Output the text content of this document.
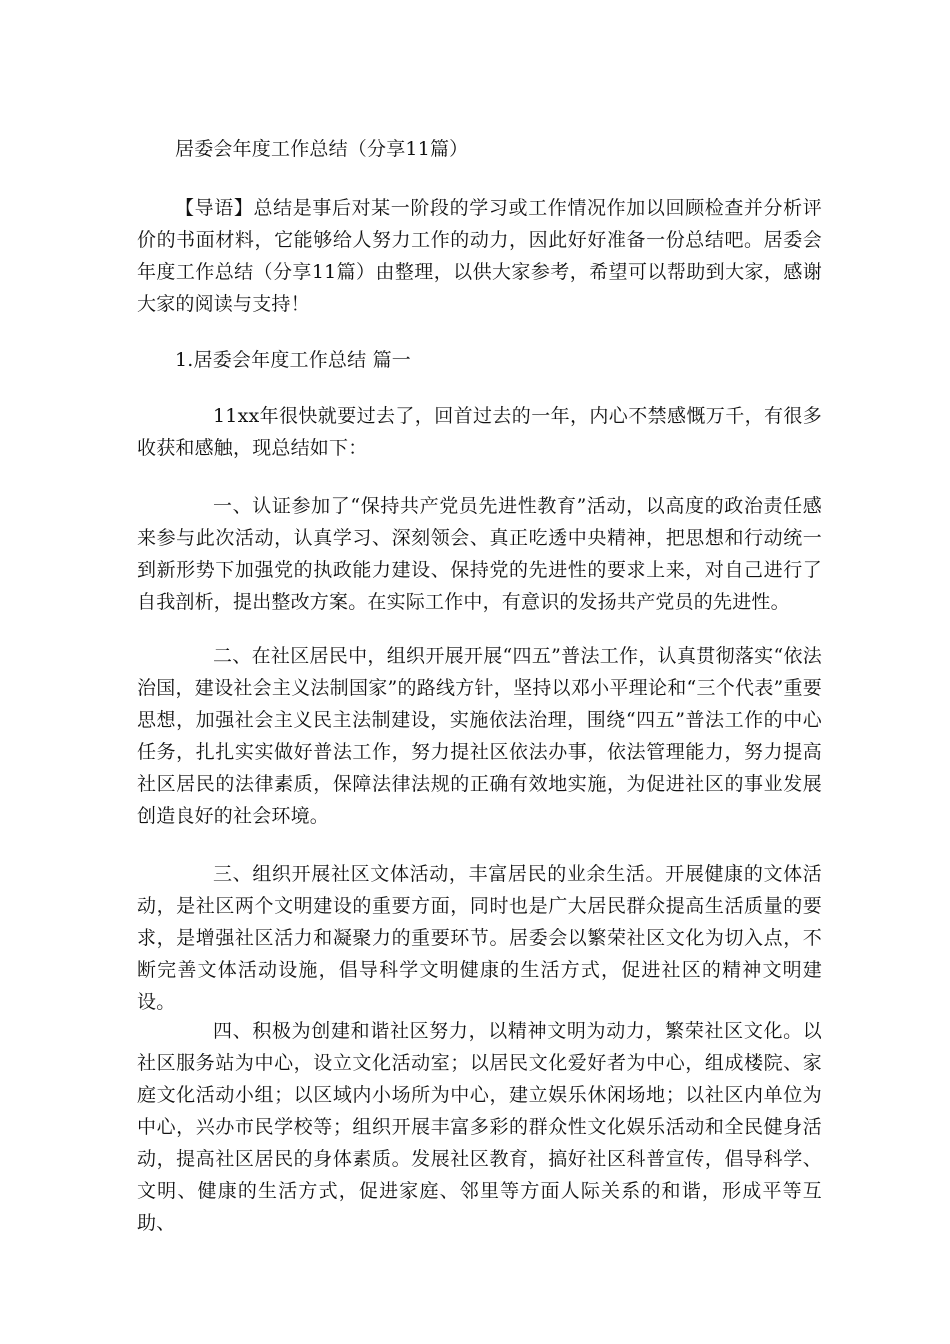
居委会年度工作总结（分享11篇）

【导语】总结是事后对某一阶段的学习或工作情况作加以回顾检查并分析评价的书面材料，它能够给人努力工作的动力，因此好好准备一份总结吧。居委会年度工作总结（分享11篇）由整理，以供大家参考，希望可以帮助到大家，感谢大家的阅读与支持！

1.居委会年度工作总结 篇一

11xx年很快就要过去了，回首过去的一年，内心不禁感慨万千，有很多收获和感触，现总结如下：

一、认证参加了“保持共产党员先进性教育”活动，以高度的政治责任感来参与此次活动，认真学习、深刻领会、真正吃透中央精神，把思想和行动统一到新形势下加强党的执政能力建设、保持党的先进性的要求上来，对自己进行了自我剖析，提出整改方案。在实际工作中，有意识的发扬共产党员的先进性。

二、在社区居民中，组织开展开展“四五”普法工作，认真贯彻落实“依法治国，建设社会主义法制国家”的路线方针，坚持以邓小平理论和“三个代表”重要思想，加强社会主义民主法制建设，实施依法治理，围绕“四五”普法工作的中心任务，扎扎实实做好普法工作，努力提社区依法办事，依法管理能力，努力提高社区居民的法律素质，保障法律法规的正确有效地实施，为促进社区的事业发展创造良好的社会环境。

三、组织开展社区文体活动，丰富居民的业余生活。开展健康的文体活动，是社区两个文明建设的重要方面，同时也是广大居民群众提高生活质量的要求，是增强社区活力和凝聚力的重要环节。居委会以繁荣社区文化为切入点，不断完善文体活动设施，倡导科学文明健康的生活方式，促进社区的精神文明建设。

四、积极为创建和谐社区努力，以精神文明为动力，繁荣社区文化。以社区服务站为中心，设立文化活动室；以居民文化爱好者为中心，组成楼院、家庭文化活动小组；以区域内小场所为中心，建立娱乐休闲场地；以社区内单位为中心，兴办市民学校等；组织开展丰富多彩的群众性文化娱乐活动和全民健身活动，提高社区居民的身体素质。发展社区教育，搞好社区科普宣传，倡导科学、文明、健康的生活方式，促进家庭、邻里等方面人际关系的和谐，形成平等互助、
